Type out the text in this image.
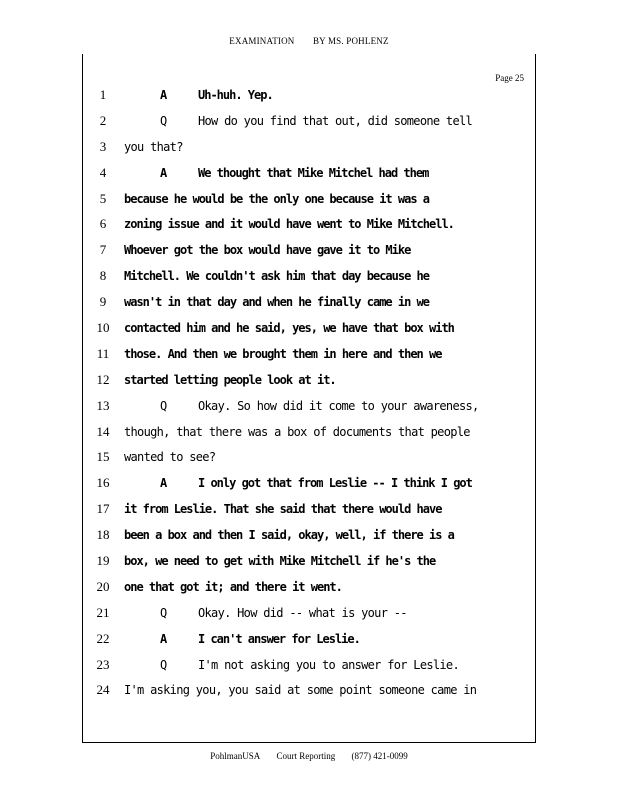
EXAMINATION BY MS. POHLENZ
Page 25
1
2
3
4
5
6
7
8
9
10
11
12
13
14
15
16
17
18
19
20
21
22
23
24
A	Uh-huh. Yep.
Q	How do you find that out, did someone tell
you that?
A	We thought that Mike Mitchel had them
because he would be the only one because it was a
zoning issue and it would have went to Mike Mitchell.
Whoever got the box would have gave it to Mike
Mitchell. We couldn't ask him that day because he
wasn't in that day and when he finally came in we
contacted him and he said, yes, we have that box with
those. And then we brought them in here and then we
started letting people look at it.
Q	Okay. So how did it come to your awareness,
though, that there was a box of documents that people
wanted to see?
A	I only got that from Leslie -- I think I got
it from Leslie. That she said that there would have
been a box and then I said, okay, well, if there is a
box, we need to get with Mike Mitchell if he's the
one that got it; and there it went.
Q	Okay. How did -- what is your --
A	I can't answer for Leslie.
Q	I'm not asking you to answer for Leslie.
I'm asking you, you said at some point someone came in
PohlmanUSA Court Reporting (877) 421-0099
